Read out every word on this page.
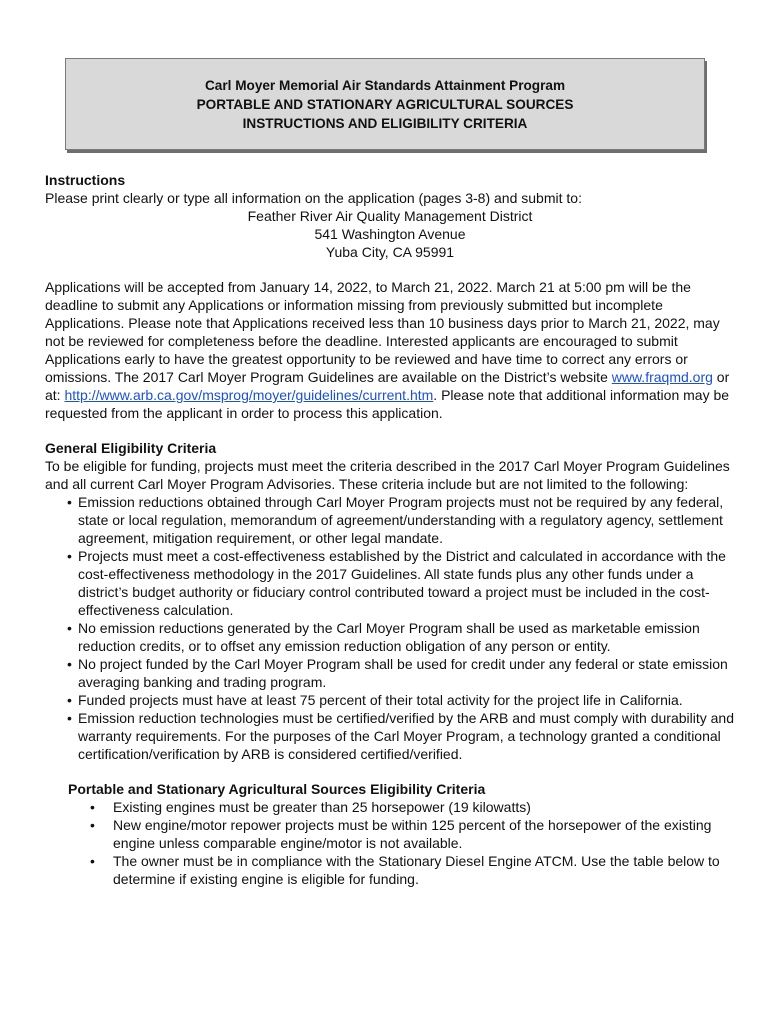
Carl Moyer Memorial Air Standards Attainment Program
PORTABLE AND STATIONARY AGRICULTURAL SOURCES
INSTRUCTIONS AND ELIGIBILITY CRITERIA
Instructions
Please print clearly or type all information on the application (pages 3-8) and submit to:
Feather River Air Quality Management District
541 Washington Avenue
Yuba City, CA 95991

Applications will be accepted from January 14, 2022, to March 21, 2022. March 21 at 5:00 pm will be the deadline to submit any Applications or information missing from previously submitted but incomplete Applications. Please note that Applications received less than 10 business days prior to March 21, 2022, may not be reviewed for completeness before the deadline. Interested applicants are encouraged to submit Applications early to have the greatest opportunity to be reviewed and have time to correct any errors or omissions. The 2017 Carl Moyer Program Guidelines are available on the District’s website www.fraqmd.org or at: http://www.arb.ca.gov/msprog/moyer/guidelines/current.htm. Please note that additional information may be requested from the applicant in order to process this application.

General Eligibility Criteria
To be eligible for funding, projects must meet the criteria described in the 2017 Carl Moyer Program Guidelines and all current Carl Moyer Program Advisories. These criteria include but are not limited to the following:
• Emission reductions obtained through Carl Moyer Program projects must not be required by any federal, state or local regulation, memorandum of agreement/understanding with a regulatory agency, settlement agreement, mitigation requirement, or other legal mandate.
• Projects must meet a cost-effectiveness established by the District and calculated in accordance with the cost-effectiveness methodology in the 2017 Guidelines. All state funds plus any other funds under a district’s budget authority or fiduciary control contributed toward a project must be included in the cost-effectiveness calculation.
• No emission reductions generated by the Carl Moyer Program shall be used as marketable emission reduction credits, or to offset any emission reduction obligation of any person or entity.
• No project funded by the Carl Moyer Program shall be used for credit under any federal or state emission averaging banking and trading program.
• Funded projects must have at least 75 percent of their total activity for the project life in California.
• Emission reduction technologies must be certified/verified by the ARB and must comply with durability and warranty requirements. For the purposes of the Carl Moyer Program, a technology granted a conditional certification/verification by ARB is considered certified/verified.
Portable and Stationary Agricultural Sources Eligibility Criteria
• Existing engines must be greater than 25 horsepower (19 kilowatts)
• New engine/motor repower projects must be within 125 percent of the horsepower of the existing engine unless comparable engine/motor is not available.
• The owner must be in compliance with the Stationary Diesel Engine ATCM. Use the table below to determine if existing engine is eligible for funding.
